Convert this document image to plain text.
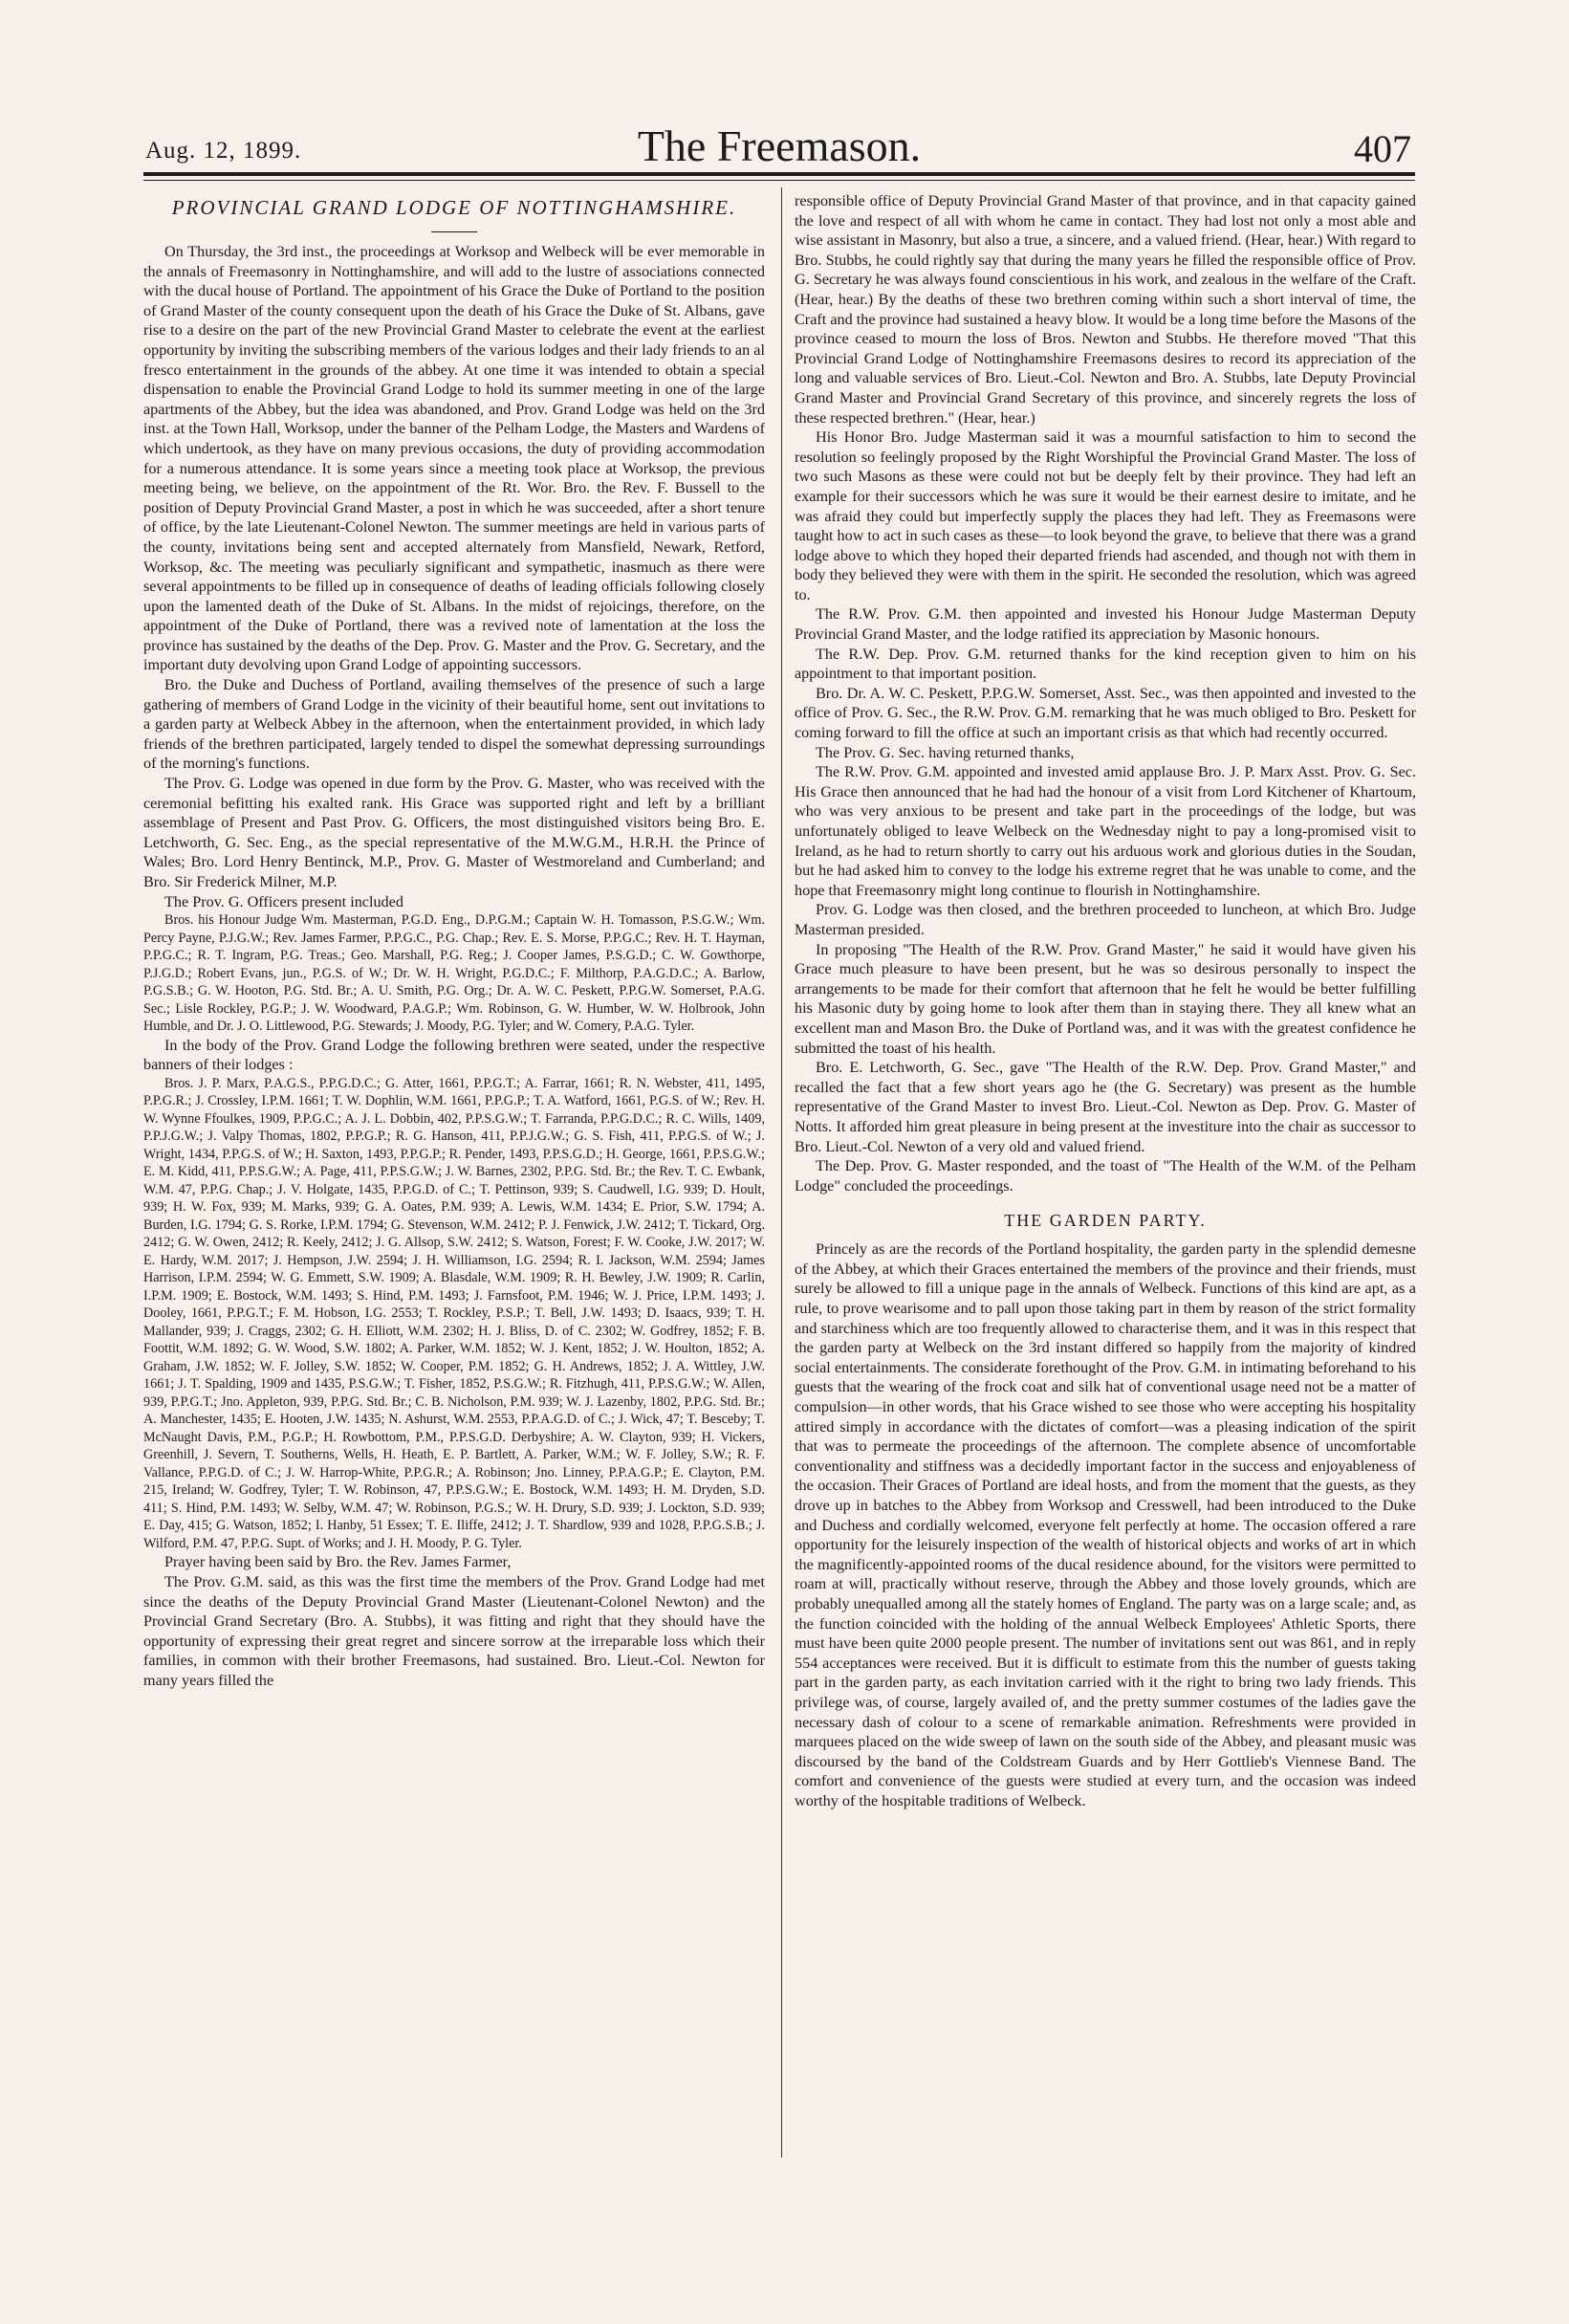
Aug. 12, 1899.	The Freemason.	407
PROVINCIAL GRAND LODGE OF NOTTINGHAMSHIRE.

On Thursday, the 3rd inst., the proceedings at Worksop and Welbeck will be ever memorable in the annals of Freemasonry in Nottinghamshire, and will add to the lustre of associations connected with the ducal house of Portland. The appointment of his Grace the Duke of Portland to the position of Grand Master of the county consequent upon the death of his Grace the Duke of St. Albans, gave rise to a desire on the part of the new Provincial Grand Master to celebrate the event at the earliest opportunity by inviting the subscribing members of the various lodges and their lady friends to an al fresco entertainment in the grounds of the abbey. At one time it was intended to obtain a special dispensation to enable the Provincial Grand Lodge to hold its summer meeting in one of the large apartments of the Abbey, but the idea was abandoned, and Prov. Grand Lodge was held on the 3rd inst. at the Town Hall, Worksop, under the banner of the Pelham Lodge, the Masters and Wardens of which undertook, as they have on many previous occasions, the duty of providing accommodation for a numerous attendance. It is some years since a meeting took place at Worksop, the previous meeting being, we believe, on the appointment of the Rt. Wor. Bro. the Rev. F. Bussell to the position of Deputy Provincial Grand Master, a post in which he was succeeded, after a short tenure of office, by the late Lieutenant-Colonel Newton. The summer meetings are held in various parts of the county, invitations being sent and accepted alternately from Mansfield, Newark, Retford, Worksop, &c. The meeting was peculiarly significant and sympathetic, inasmuch as there were several appointments to be filled up in consequence of deaths of leading officials following closely upon the lamented death of the Duke of St. Albans. In the midst of rejoicings, therefore, on the appointment of the Duke of Portland, there was a revived note of lamentation at the loss the province has sustained by the deaths of the Dep. Prov. G. Master and the Prov. G. Secretary, and the important duty devolving upon Grand Lodge of appointing successors.

Bro. the Duke and Duchess of Portland, availing themselves of the presence of such a large gathering of members of Grand Lodge in the vicinity of their beautiful home, sent out invitations to a garden party at Welbeck Abbey in the afternoon, when the entertainment provided, in which lady friends of the brethren participated, largely tended to dispel the somewhat depressing surroundings of the morning's functions.

The Prov. G. Lodge was opened in due form by the Prov. G. Master, who was received with the ceremonial befitting his exalted rank. His Grace was supported right and left by a brilliant assemblage of Present and Past Prov. G. Officers, the most distinguished visitors being Bro. E. Letchworth, G. Sec. Eng., as the special representative of the M.W.G.M., H.R.H. the Prince of Wales; Bro. Lord Henry Bentinck, M.P., Prov. G. Master of Westmoreland and Cumberland; and Bro. Sir Frederick Milner, M.P.

The Prov. G. Officers present included

Bros. his Honour Judge Wm. Masterman, P.G.D. Eng., D.P.G.M.; Captain W. H. Tomasson, P.S.G.W.; Wm. Percy Payne, P.J.G.W.; Rev. James Farmer, P.P.G.C., P.G. Chap.; Rev. E. S. Morse, P.P.G.C.; Rev. H. T. Hayman, P.P.G.C.; R. T. Ingram, P.G. Treas.; Geo. Marshall, P.G. Reg.; J. Cooper James, P.S.G.D.; C. W. Gowthorpe, P.J.G.D.; Robert Evans, jun., P.G.S. of W.; Dr. W. H. Wright, P.G.D.C.; F. Milthorp, P.A.G.D.C.; A. Barlow, P.G.S.B.; G. W. Hooton, P.G. Std. Br.; A. U. Smith, P.G. Org.; Dr. A. W. C. Peskett, P.P.G.W. Somerset, P.A.G. Sec.; Lisle Rockley, P.G.P.; J. W. Woodward, P.A.G.P.; Wm. Robinson, G. W. Humber, W. W. Holbrook, John Humble, and Dr. J. O. Littlewood, P.G. Stewards; J. Moody, P.G. Tyler; and W. Comery, P.A.G. Tyler.

In the body of the Prov. Grand Lodge the following brethren were seated, under the respective banners of their lodges :

Bros. J. P. Marx, P.A.G.S., P.P.G.D.C.; G. Atter, 1661, P.P.G.T.; A. Farrar, 1661; R. N. Webster, 411, 1495, P.P.G.R.; J. Crossley, I.P.M. 1661; T. W. Dophlin, W.M. 1661, P.P.G.P.; T. A. Watford, 1661, P.G.S. of W.; Rev. H. W. Wynne Ffoulkes, 1909, P.P.G.C.; A. J. L. Dobbin, 402, P.P.S.G.W.; T. Farranda, P.P.G.D.C.; R. C. Wills, 1409, P.P.J.G.W.; J. Valpy Thomas, 1802, P.P.G.P.; R. G. Hanson, 411, P.P.J.G.W.; G. S. Fish, 411, P.P.G.S. of W.; J. Wright, 1434, P.P.G.S. of W.; H. Saxton, 1493, P.P.G.P.; R. Pender, 1493, P.P.S.G.D.; H. George, 1661, P.P.S.G.W.; E. M. Kidd, 411, P.P.S.G.W.; A. Page, 411, P.P.S.G.W.; J. W. Barnes, 2302, P.P.G. Std. Br.; the Rev. T. C. Ewbank, W.M. 47, P.P.G. Chap.; J. V. Holgate, 1435, P.P.G.D. of C.; T. Pettinson, 939; S. Caudwell, I.G. 939; D. Hoult, 939; H. W. Fox, 939; M. Marks, 939; G. A. Oates, P.M. 939; A. Lewis, W.M. 1434; E. Prior, S.W. 1794; A. Burden, I.G. 1794; G. S. Rorke, I.P.M. 1794; G. Stevenson, W.M. 2412; P. J. Fenwick, J.W. 2412; T. Tickard, Org. 2412; G. W. Owen, 2412; R. Keely, 2412; J. G. Allsop, S.W. 2412; S. Watson, Forest; F. W. Cooke, J.W. 2017; W. E. Hardy, W.M. 2017; J. Hempson, J.W. 2594; J. H. Williamson, I.G. 2594; R. I. Jackson, W.M. 2594; James Harrison, I.P.M. 2594; W. G. Emmett, S.W. 1909; A. Blasdale, W.M. 1909; R. H. Bewley, J.W. 1909; R. Carlin, I.P.M. 1909; E. Bostock, W.M. 1493; S. Hind, P.M. 1493; J. Farnsfoot, P.M. 1946; W. J. Price, I.P.M. 1493; J. Dooley, 1661, P.P.G.T.; F. M. Hobson, I.G. 2553; T. Rockley, P.S.P.; T. Bell, J.W. 1493; D. Isaacs, 939; T. H. Mallander, 939; J. Craggs, 2302; G. H. Elliott, W.M. 2302; H. J. Bliss, D. of C. 2302; W. Godfrey, 1852; F. B. Foottit, W.M. 1892; G. W. Wood, S.W. 1802; A. Parker, W.M. 1852; W. J. Kent, 1852; J. W. Houlton, 1852; A. Graham, J.W. 1852; W. F. Jolley, S.W. 1852; W. Cooper, P.M. 1852; G. H. Andrews, 1852; J. A. Wittley, J.W. 1661; J. T. Spalding, 1909 and 1435, P.S.G.W.; T. Fisher, 1852, P.S.G.W.; R. Fitzhugh, 411, P.P.S.G.W.; W. Allen, 939, P.P.G.T.; Jno. Appleton, 939, P.P.G. Std. Br.; C. B. Nicholson, P.M. 939; W. J. Lazenby, 1802, P.P.G. Std. Br.; A. Manchester, 1435; E. Hooten, J.W. 1435; N. Ashurst, W.M. 2553, P.P.A.G.D. of C.; J. Wick, 47; T. Besceby; T. McNaught Davis, P.M., P.G.P.; H. Rowbottom, P.M., P.P.S.G.D. Derbyshire; A. W. Clayton, 939; H. Vickers, Greenhill, J. Severn, T. Southerns, Wells, H. Heath, E. P. Bartlett, A. Parker, W.M.; W. F. Jolley, S.W.; R. F. Vallance, P.P.G.D. of C.; J. W. Harrop-White, P.P.G.R.; A. Robinson; Jno. Linney, P.P.A.G.P.; E. Clayton, P.M. 215, Ireland; W. Godfrey, Tyler; T. W. Robinson, 47, P.P.S.G.W.; E. Bostock, W.M. 1493; H. M. Dryden, S.D. 411; S. Hind, P.M. 1493; W. Selby, W.M. 47; W. Robinson, P.G.S.; W. H. Drury, S.D. 939; J. Lockton, S.D. 939; E. Day, 415; G. Watson, 1852; I. Hanby, 51 Essex; T. E. Iliffe, 2412; J. T. Shardlow, 939 and 1028, P.P.G.S.B.; J. Wilford, P.M. 47, P.P.G. Supt. of Works; and J. H. Moody, P. G. Tyler.

Prayer having been said by Bro. the Rev. James Farmer,

The Prov. G.M. said, as this was the first time the members of the Prov. Grand Lodge had met since the deaths of the Deputy Provincial Grand Master (Lieutenant-Colonel Newton) and the Provincial Grand Secretary (Bro. A. Stubbs), it was fitting and right that they should have the opportunity of expressing their great regret and sincere sorrow at the irreparable loss which their families, in common with their brother Freemasons, had sustained. Bro. Lieut.-Col. Newton for many years filled the

responsible office of Deputy Provincial Grand Master of that province, and in that capacity gained the love and respect of all with whom he came in contact. They had lost not only a most able and wise assistant in Masonry, but also a true, a sincere, and a valued friend. (Hear, hear.) With regard to Bro. Stubbs, he could rightly say that during the many years he filled the responsible office of Prov. G. Secretary he was always found conscientious in his work, and zealous in the welfare of the Craft. (Hear, hear.) By the deaths of these two brethren coming within such a short interval of time, the Craft and the province had sustained a heavy blow. It would be a long time before the Masons of the province ceased to mourn the loss of Bros. Newton and Stubbs. He therefore moved "That this Provincial Grand Lodge of Nottinghamshire Freemasons desires to record its appreciation of the long and valuable services of Bro. Lieut.-Col. Newton and Bro. A. Stubbs, late Deputy Provincial Grand Master and Provincial Grand Secretary of this province, and sincerely regrets the loss of these respected brethren." (Hear, hear.)

His Honor Bro. Judge Masterman said it was a mournful satisfaction to him to second the resolution so feelingly proposed by the Right Worshipful the Provincial Grand Master. The loss of two such Masons as these were could not but be deeply felt by their province. They had left an example for their successors which he was sure it would be their earnest desire to imitate, and he was afraid they could but imperfectly supply the places they had left. They as Freemasons were taught how to act in such cases as these—to look beyond the grave, to believe that there was a grand lodge above to which they hoped their departed friends had ascended, and though not with them in body they believed they were with them in the spirit. He seconded the resolution, which was agreed to.

The R.W. Prov. G.M. then appointed and invested his Honour Judge Masterman Deputy Provincial Grand Master, and the lodge ratified its appreciation by Masonic honours.

The R.W. Dep. Prov. G.M. returned thanks for the kind reception given to him on his appointment to that important position.

Bro. Dr. A. W. C. Peskett, P.P.G.W. Somerset, Asst. Sec., was then appointed and invested to the office of Prov. G. Sec., the R.W. Prov. G.M. remarking that he was much obliged to Bro. Peskett for coming forward to fill the office at such an important crisis as that which had recently occurred.

The Prov. G. Sec. having returned thanks,

The R.W. Prov. G.M. appointed and invested amid applause Bro. J. P. Marx Asst. Prov. G. Sec. His Grace then announced that he had had the honour of a visit from Lord Kitchener of Khartoum, who was very anxious to be present and take part in the proceedings of the lodge, but was unfortunately obliged to leave Welbeck on the Wednesday night to pay a long-promised visit to Ireland, as he had to return shortly to carry out his arduous work and glorious duties in the Soudan, but he had asked him to convey to the lodge his extreme regret that he was unable to come, and the hope that Freemasonry might long continue to flourish in Nottinghamshire.

Prov. G. Lodge was then closed, and the brethren proceeded to luncheon, at which Bro. Judge Masterman presided.

In proposing "The Health of the R.W. Prov. Grand Master," he said it would have given his Grace much pleasure to have been present, but he was so desirous personally to inspect the arrangements to be made for their comfort that afternoon that he felt he would be better fulfilling his Masonic duty by going home to look after them than in staying there. They all knew what an excellent man and Mason Bro. the Duke of Portland was, and it was with the greatest confidence he submitted the toast of his health.

Bro. E. Letchworth, G. Sec., gave "The Health of the R.W. Dep. Prov. Grand Master," and recalled the fact that a few short years ago he (the G. Secretary) was present as the humble representative of the Grand Master to invest Bro. Lieut.-Col. Newton as Dep. Prov. G. Master of Notts. It afforded him great pleasure in being present at the investiture into the chair as successor to Bro. Lieut.-Col. Newton of a very old and valued friend.

The Dep. Prov. G. Master responded, and the toast of "The Health of the W.M. of the Pelham Lodge" concluded the proceedings.

THE GARDEN PARTY.

Princely as are the records of the Portland hospitality, the garden party in the splendid demesne of the Abbey, at which their Graces entertained the members of the province and their friends, must surely be allowed to fill a unique page in the annals of Welbeck. Functions of this kind are apt, as a rule, to prove wearisome and to pall upon those taking part in them by reason of the strict formality and starchiness which are too frequently allowed to characterise them, and it was in this respect that the garden party at Welbeck on the 3rd instant differed so happily from the majority of kindred social entertainments. The considerate forethought of the Prov. G.M. in intimating beforehand to his guests that the wearing of the frock coat and silk hat of conventional usage need not be a matter of compulsion—in other words, that his Grace wished to see those who were accepting his hospitality attired simply in accordance with the dictates of comfort—was a pleasing indication of the spirit that was to permeate the proceedings of the afternoon. The complete absence of uncomfortable conventionality and stiffness was a decidedly important factor in the success and enjoyableness of the occasion. Their Graces of Portland are ideal hosts, and from the moment that the guests, as they drove up in batches to the Abbey from Worksop and Cresswell, had been introduced to the Duke and Duchess and cordially welcomed, everyone felt perfectly at home. The occasion offered a rare opportunity for the leisurely inspection of the wealth of historical objects and works of art in which the magnificently-appointed rooms of the ducal residence abound, for the visitors were permitted to roam at will, practically without reserve, through the Abbey and those lovely grounds, which are probably unequalled among all the stately homes of England. The party was on a large scale; and, as the function coincided with the holding of the annual Welbeck Employees' Athletic Sports, there must have been quite 2000 people present. The number of invitations sent out was 861, and in reply 554 acceptances were received. But it is difficult to estimate from this the number of guests taking part in the garden party, as each invitation carried with it the right to bring two lady friends. This privilege was, of course, largely availed of, and the pretty summer costumes of the ladies gave the necessary dash of colour to a scene of remarkable animation. Refreshments were provided in marquees placed on the wide sweep of lawn on the south side of the Abbey, and pleasant music was discoursed by the band of the Coldstream Guards and by Herr Gottlieb's Viennese Band. The comfort and convenience of the guests were studied at every turn, and the occasion was indeed worthy of the hospitable traditions of Welbeck.
